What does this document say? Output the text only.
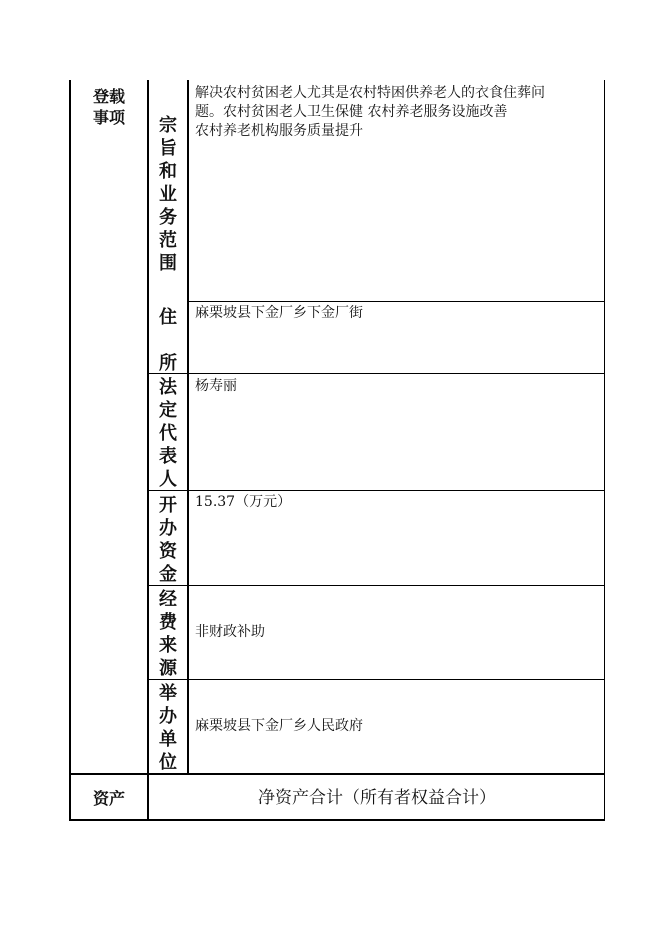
登载
事项	宗
旨
和
业
务
范
围
解决农村贫困老人尤其是农村特困供养老人的衣食住葬问
题。农村贫困老人卫生保健 农村养老服务设施改善
农村养老机构服务质量提升
住
所
麻栗坡县下金厂乡下金厂街
法
定
代
表
人
杨寿丽
开
办
资
金
15.37（万元）
经
费
来
源
非财政补助
举
办
单
位
麻栗坡县下金厂乡人民政府
资产	净资产合计（所有者权益合计）
